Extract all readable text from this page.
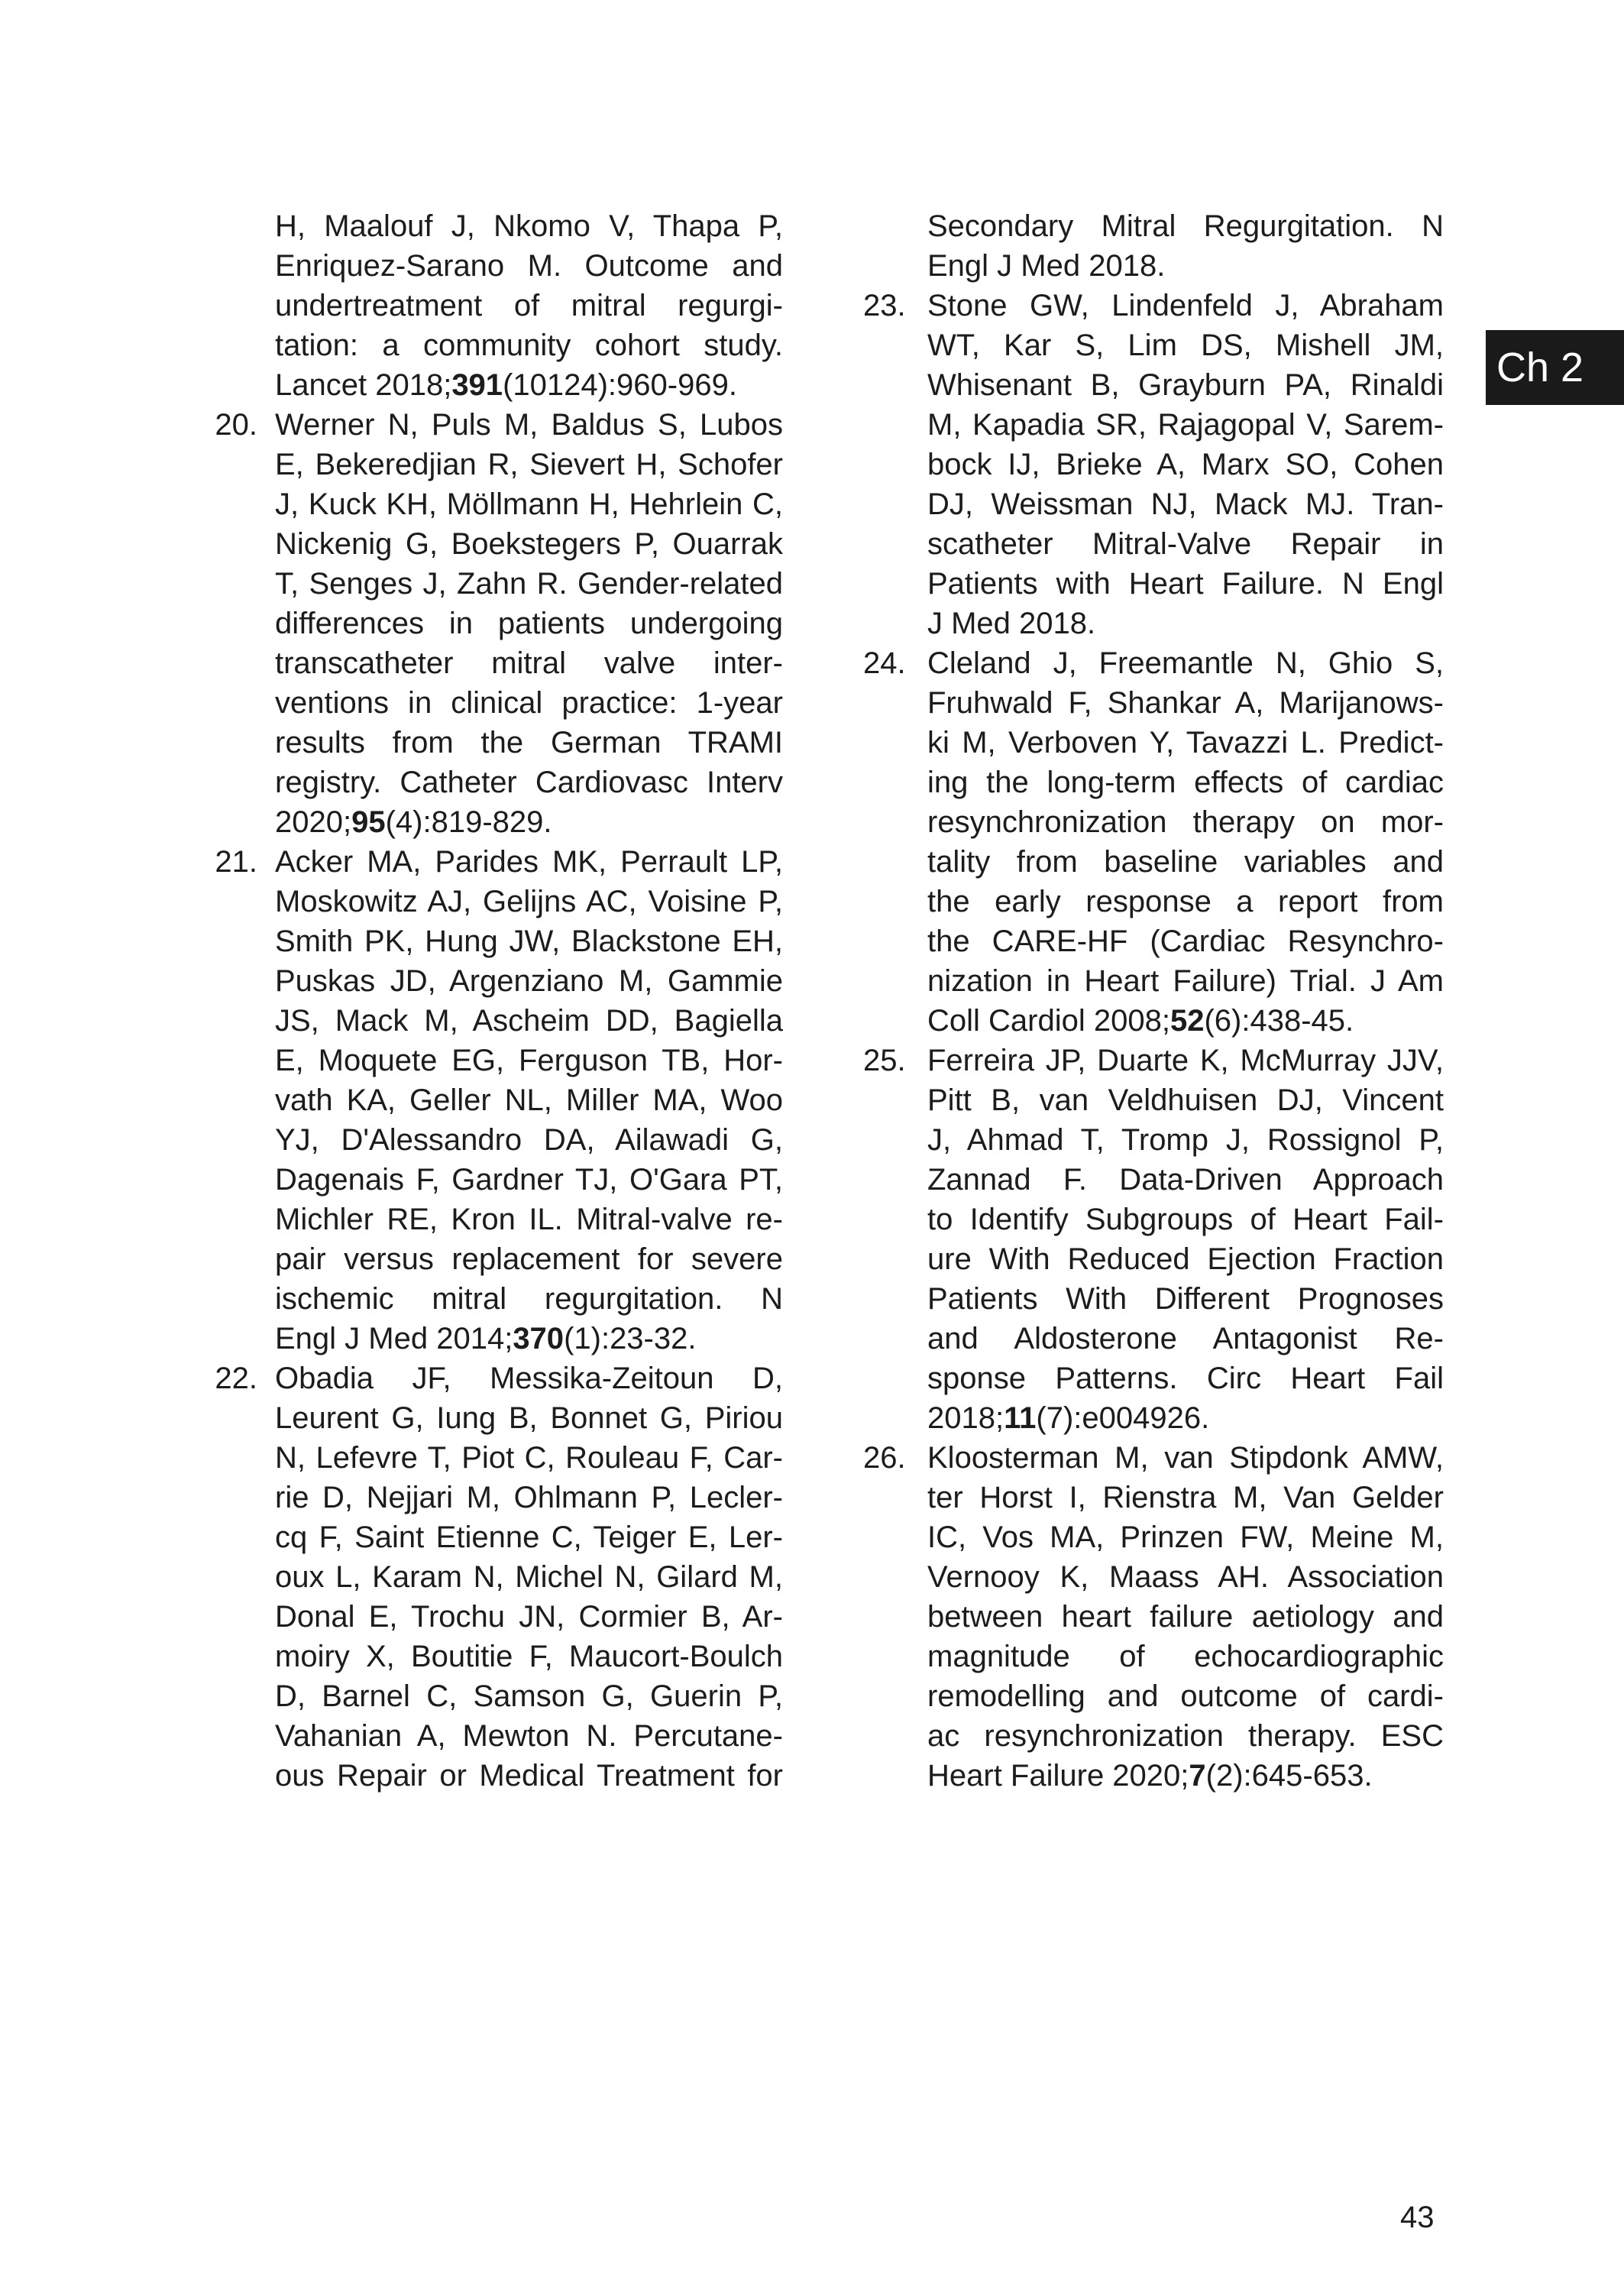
H, Maalouf J, Nkomo V, Thapa P,
Enriquez-Sarano M. Outcome and
undertreatment of mitral regurgi-
tation: a community cohort study.
Lancet 2018;391(10124):960-969.
20. Werner N, Puls M, Baldus S, Lubos
E, Bekeredjian R, Sievert H, Schofer
J, Kuck KH, Möllmann H, Hehrlein C,
Nickenig G, Boekstegers P, Ouarrak
T, Senges J, Zahn R. Gender-related
differences in patients undergoing
transcatheter mitral valve inter-
ventions in clinical practice: 1-year
results from the German TRAMI
registry. Catheter Cardiovasc Interv
2020;95(4):819-829.
21. Acker MA, Parides MK, Perrault LP,
Moskowitz AJ, Gelijns AC, Voisine P,
Smith PK, Hung JW, Blackstone EH,
Puskas JD, Argenziano M, Gammie
JS, Mack M, Ascheim DD, Bagiella
E, Moquete EG, Ferguson TB, Hor-
vath KA, Geller NL, Miller MA, Woo
YJ, D'Alessandro DA, Ailawadi G,
Dagenais F, Gardner TJ, O'Gara PT,
Michler RE, Kron IL. Mitral-valve re-
pair versus replacement for severe
ischemic mitral regurgitation. N
Engl J Med 2014;370(1):23-32.
22. Obadia JF, Messika-Zeitoun D,
Leurent G, Iung B, Bonnet G, Piriou
N, Lefevre T, Piot C, Rouleau F, Car-
rie D, Nejjari M, Ohlmann P, Lecler-
cq F, Saint Etienne C, Teiger E, Ler-
oux L, Karam N, Michel N, Gilard M,
Donal E, Trochu JN, Cormier B, Ar-
moiry X, Boutitie F, Maucort-Boulch
D, Barnel C, Samson G, Guerin P,
Vahanian A, Mewton N. Percutane-
ous Repair or Medical Treatment for
Secondary Mitral Regurgitation. N
Engl J Med 2018.
23. Stone GW, Lindenfeld J, Abraham
WT, Kar S, Lim DS, Mishell JM,
Whisenant B, Grayburn PA, Rinaldi
M, Kapadia SR, Rajagopal V, Sarem-
bock IJ, Brieke A, Marx SO, Cohen
DJ, Weissman NJ, Mack MJ. Tran-
scatheter Mitral-Valve Repair in
Patients with Heart Failure. N Engl
J Med 2018.
24. Cleland J, Freemantle N, Ghio S,
Fruhwald F, Shankar A, Marijanows-
ki M, Verboven Y, Tavazzi L. Predict-
ing the long-term effects of cardiac
resynchronization therapy on mor-
tality from baseline variables and
the early response a report from
the CARE-HF (Cardiac Resynchro-
nization in Heart Failure) Trial. J Am
Coll Cardiol 2008;52(6):438-45.
25. Ferreira JP, Duarte K, McMurray JJV,
Pitt B, van Veldhuisen DJ, Vincent
J, Ahmad T, Tromp J, Rossignol P,
Zannad F. Data-Driven Approach
to Identify Subgroups of Heart Fail-
ure With Reduced Ejection Fraction
Patients With Different Prognoses
and Aldosterone Antagonist Re-
sponse Patterns. Circ Heart Fail
2018;11(7):e004926.
26. Kloosterman M, van Stipdonk AMW,
ter Horst I, Rienstra M, Van Gelder
IC, Vos MA, Prinzen FW, Meine M,
Vernooy K, Maass AH. Association
between heart failure aetiology and
magnitude of echocardiographic
remodelling and outcome of cardi-
ac resynchronization therapy. ESC
Heart Failure 2020;7(2):645-653.
Ch 2
43
